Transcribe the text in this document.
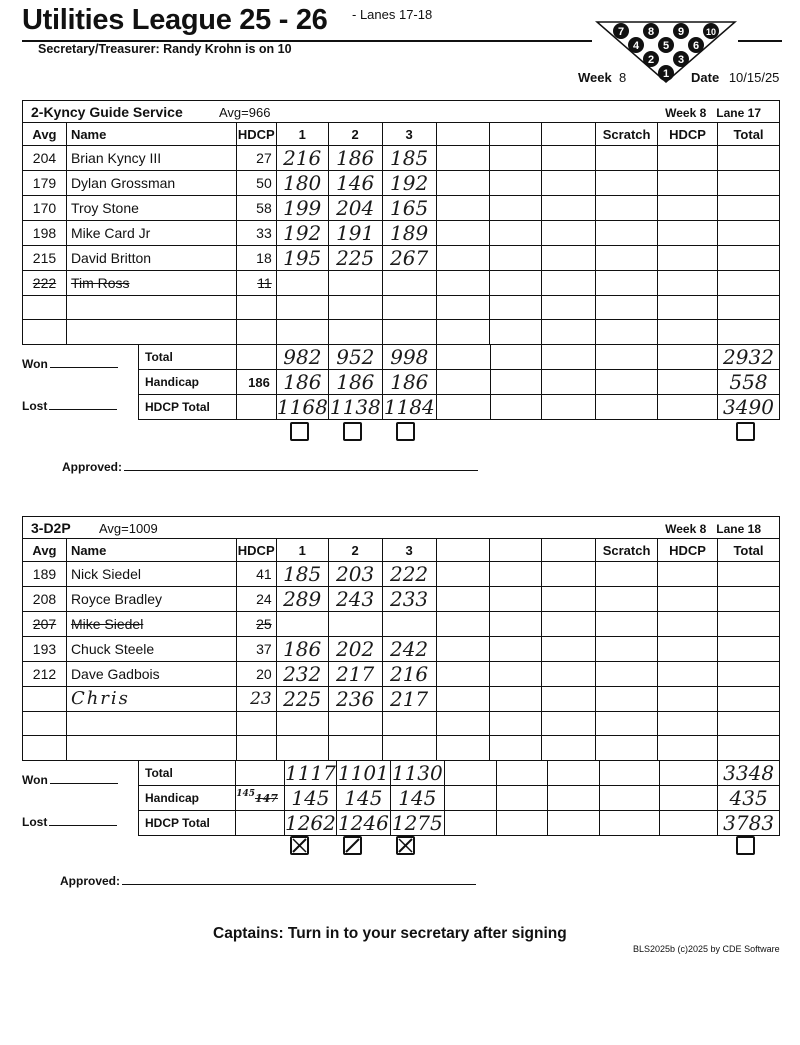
Utilities League 25 - 26 - Lanes 17-18
Secretary/Treasurer: Randy Krohn is on 10
7 8 9 10
4 5 6
2 3
1
Week 8	Date 10/15/25
2-Kyncy Guide Service	Avg=966	Week 8 Lane 17
Avg	Name	HDCP	1	2	3				Scratch	HDCP	Total
204	Brian Kyncy III	27	216	186	185						
179	Dylan Grossman	50	180	146	192						
170	Troy Stone	58	199	204	165						
198	Mike Card Jr	33	192	191	189						
215	David Britton	18	195	225	267						
222	Tim Ross	11									

Won
Lost
Total		982	952	998						2932
Handicap	186	186	186	186						558
HDCP Total		1168	1138	1184						3490
Approved:
3-D2P Avg=1009	Week 8 Lane 18
Avg	Name	HDCP	1	2	3				Scratch	HDCP	Total
189	Nick Siedel	41	185	203	222						
208	Royce Bradley	24	289	243	233						
207	Mike Siedel	25									
193	Chuck Steele	37	186	202	242						
212	Dave Gadbois	20	232	217	216						
	Chris	23	225	236	217						

Won
Lost
Total		1117	1101	1130						3348
Handicap	$^{145}$147	145	145	145						435
HDCP Total		1262	1246	1275						3783
Approved:
Captains: Turn in to your secretary after signing
BLS2025b (c)2025 by CDE Software
